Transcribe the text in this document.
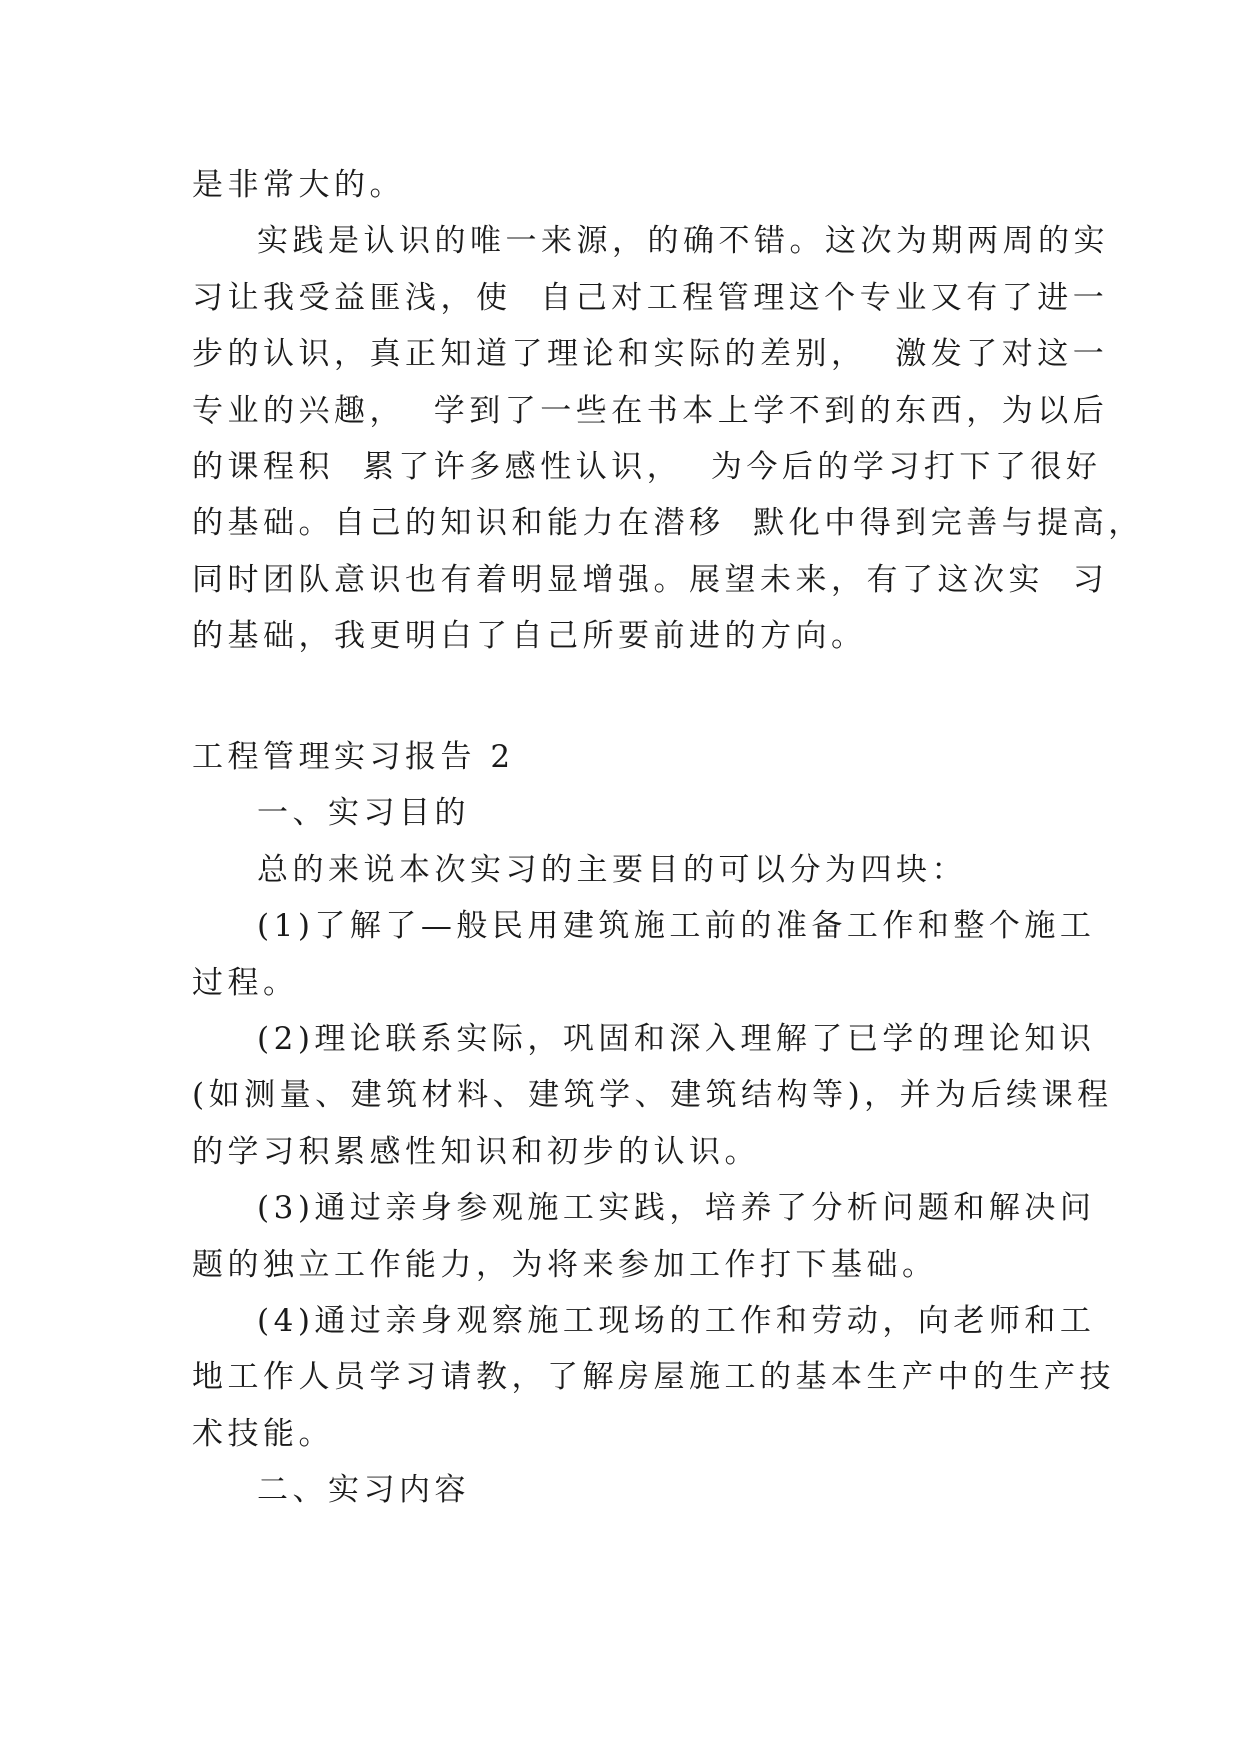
是非常大的。
实践是认识的唯一来源，的确不错。这次为期两周的实
习让我受益匪浅，使  自己对工程管理这个专业又有了进一
步的认识，真正知道了理论和实际的差别，  激发了对这一
专业的兴趣，  学到了一些在书本上学不到的东西，为以后
的课程积  累了许多感性认识，  为今后的学习打下了很好
的基础。自己的知识和能力在潜移  默化中得到完善与提高，
同时团队意识也有着明显增强。展望未来，有了这次实  习
的基础，我更明白了自己所要前进的方向。
工程管理实习报告 2
一、实习目的
总的来说本次实习的主要目的可以分为四块：
(1)了解了—般民用建筑施工前的准备工作和整个施工
过程。
(2)理论联系实际，巩固和深入理解了已学的理论知识
(如测量、建筑材料、建筑学、建筑结构等)，并为后续课程
的学习积累感性知识和初步的认识。
(3)通过亲身参观施工实践，培养了分析问题和解决问
题的独立工作能力，为将来参加工作打下基础。
(4)通过亲身观察施工现场的工作和劳动，向老师和工
地工作人员学习请教，了解房屋施工的基本生产中的生产技
术技能。
二、实习内容
